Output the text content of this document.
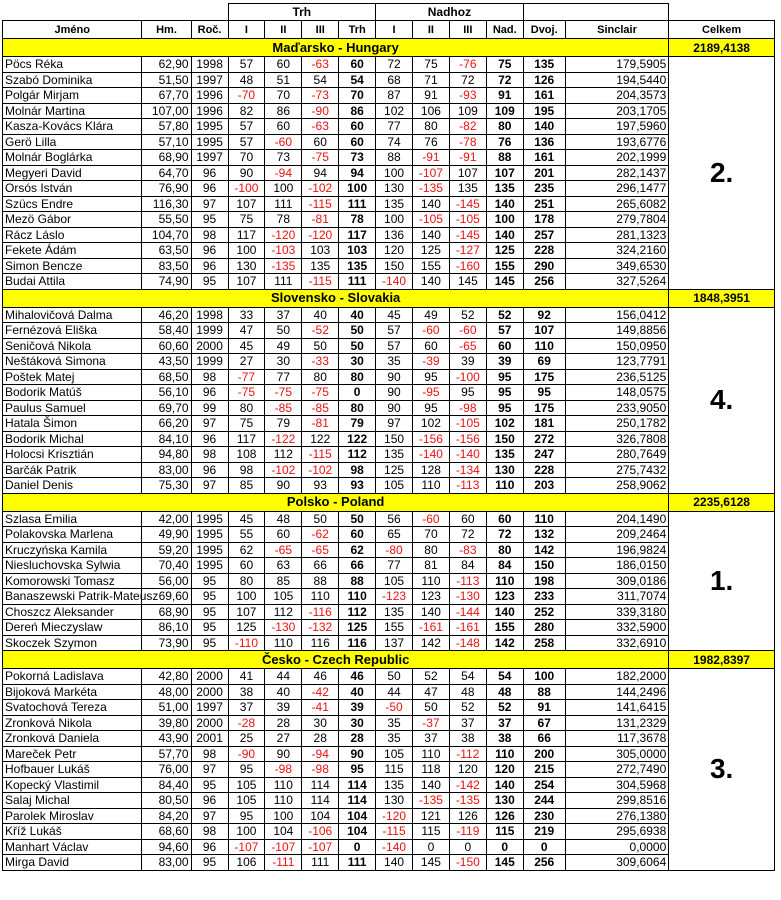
			Trh				Nadhoz						
Jméno	Hm.	Roč.	I	II	III	Trh	I	II	III	Nad.	Dvoj.	Sinclair	Celkem
Maďarsko - Hungary													2189,4138
Pöcs Réka	62,90	1998	57	60	-63	60	72	75	-76	75	135	179,5905	2.
Szabó Dominika	51,50	1997	48	51	54	54	68	71	72	72	126	194,5440	
Polgár Mirjam	67,70	1996	-70	70	-73	70	87	91	-93	91	161	204,3573	
Molnár Martina	107,00	1996	82	86	-90	86	102	106	109	109	195	203,1705	
Kasza-Kovács Klára	57,80	1995	57	60	-63	60	77	80	-82	80	140	197,5960	
Gerö Lilla	57,10	1995	57	-60	60	60	74	76	-78	76	136	193,6776	
Molnár Boglárka	68,90	1997	70	73	-75	73	88	-91	-91	88	161	202,1999	
Megyeri David	64,70	96	90	-94	94	94	100	-107	107	107	201	282,1437	
Orsós István	76,90	96	-100	100	-102	100	130	-135	135	135	235	296,1477	
Szücs Endre	116,30	97	107	111	-115	111	135	140	-145	140	251	265,6082	
Mezö Gábor	55,50	95	75	78	-81	78	100	-105	-105	100	178	279,7804	
Rácz Láslo	104,70	98	117	-120	-120	117	136	140	-145	140	257	281,1323	
Fekete Ádám	63,50	96	100	-103	103	103	120	125	-127	125	228	324,2160	
Simon Bencze	83,50	96	130	-135	135	135	150	155	-160	155	290	349,6530	
Budai Attila	74,90	95	107	111	-115	111	-140	140	145	145	256	327,5264	
Slovensko - Slovakia													1848,3951
Mihalovičová Dalma	46,20	1998	33	37	40	40	45	49	52	52	92	156,0412	4.
Fernézová Eliška	58,40	1999	47	50	-52	50	57	-60	-60	57	107	149,8856	
Seničová Nikola	60,60	2000	45	49	50	50	57	60	-65	60	110	150,0950	
Neštáková Simona	43,50	1999	27	30	-33	30	35	-39	39	39	69	123,7791	
Poštek Matej	68,50	98	-77	77	80	80	90	95	-100	95	175	236,5125	
Bodorik Matúš	56,10	96	-75	-75	-75	0	90	-95	95	95	95	148,0575	
Paulus Samuel	69,70	99	80	-85	-85	80	90	95	-98	95	175	233,9050	
Hatala Šimon	66,20	97	75	79	-81	79	97	102	-105	102	181	250,1782	
Bodorik Michal	84,10	96	117	-122	122	122	150	-156	-156	150	272	326,7808	
Holocsi Krisztián	94,80	98	108	112	-115	112	135	-140	-140	135	247	280,7649	
Barčák Patrik	83,00	96	98	-102	-102	98	125	128	-134	130	228	275,7432	
Daniel Denis	75,30	97	85	90	93	93	105	110	-113	110	203	258,9062	
Polsko - Poland													2235,6128
Szlasa Emilia	42,00	1995	45	48	50	50	56	-60	60	60	110	204,1490	1.
Polakovska Marlena	49,90	1995	55	60	-62	60	65	70	72	72	132	209,2464	
Kruczyńska Kamila	59,20	1995	62	-65	-65	62	-80	80	-83	80	142	196,9824	
Niesluchovska Sylwia	70,40	1995	60	63	66	66	77	81	84	84	150	186,0150	
Komorowski Tomasz	56,00	95	80	85	88	88	105	110	-113	110	198	309,0186	
Banaszewski Patrik-Mateusz	69,60	95	100	105	110	110	-123	123	-130	123	233	311,7074	
Choszcz Aleksander	68,90	95	107	112	-116	112	135	140	-144	140	252	339,3180	
Dereń Mieczyslaw	86,10	95	125	-130	-132	125	155	-161	-161	155	280	332,5900	
Skoczek Szymon	73,90	95	-110	110	116	116	137	142	-148	142	258	332,6910	
Česko - Czech Republic													1982,8397
Pokorná Ladislava	42,80	2000	41	44	46	46	50	52	54	54	100	182,2000	3.
Bijoková Markéta	48,00	2000	38	40	-42	40	44	47	48	48	88	144,2496	
Svatochová Tereza	51,00	1997	37	39	-41	39	-50	50	52	52	91	141,6415	
Zronková Nikola	39,80	2000	-28	28	30	30	35	-37	37	37	67	131,2329	
Zronková Daniela	43,90	2001	25	27	28	28	35	37	38	38	66	117,3678	
Mareček Petr	57,70	98	-90	90	-94	90	105	110	-112	110	200	305,0000	
Hofbauer Lukáš	76,00	97	95	-98	-98	95	115	118	120	120	215	272,7490	
Kopecký Vlastimil	84,40	95	105	110	114	114	135	140	-142	140	254	304,5968	
Salaj Michal	80,50	96	105	110	114	114	130	-135	-135	130	244	299,8516	
Parolek Miroslav	84,20	97	95	100	104	104	-120	121	126	126	230	276,1380	
Kříž Lukáš	68,60	98	100	104	-106	104	-115	115	-119	115	219	295,6938	
Manhart Václav	94,60	96	-107	-107	-107	0	-140	0	0	0	0	0,0000	
Mirga David	83,00	95	106	-111	111	111	140	145	-150	145	256	309,6064	
